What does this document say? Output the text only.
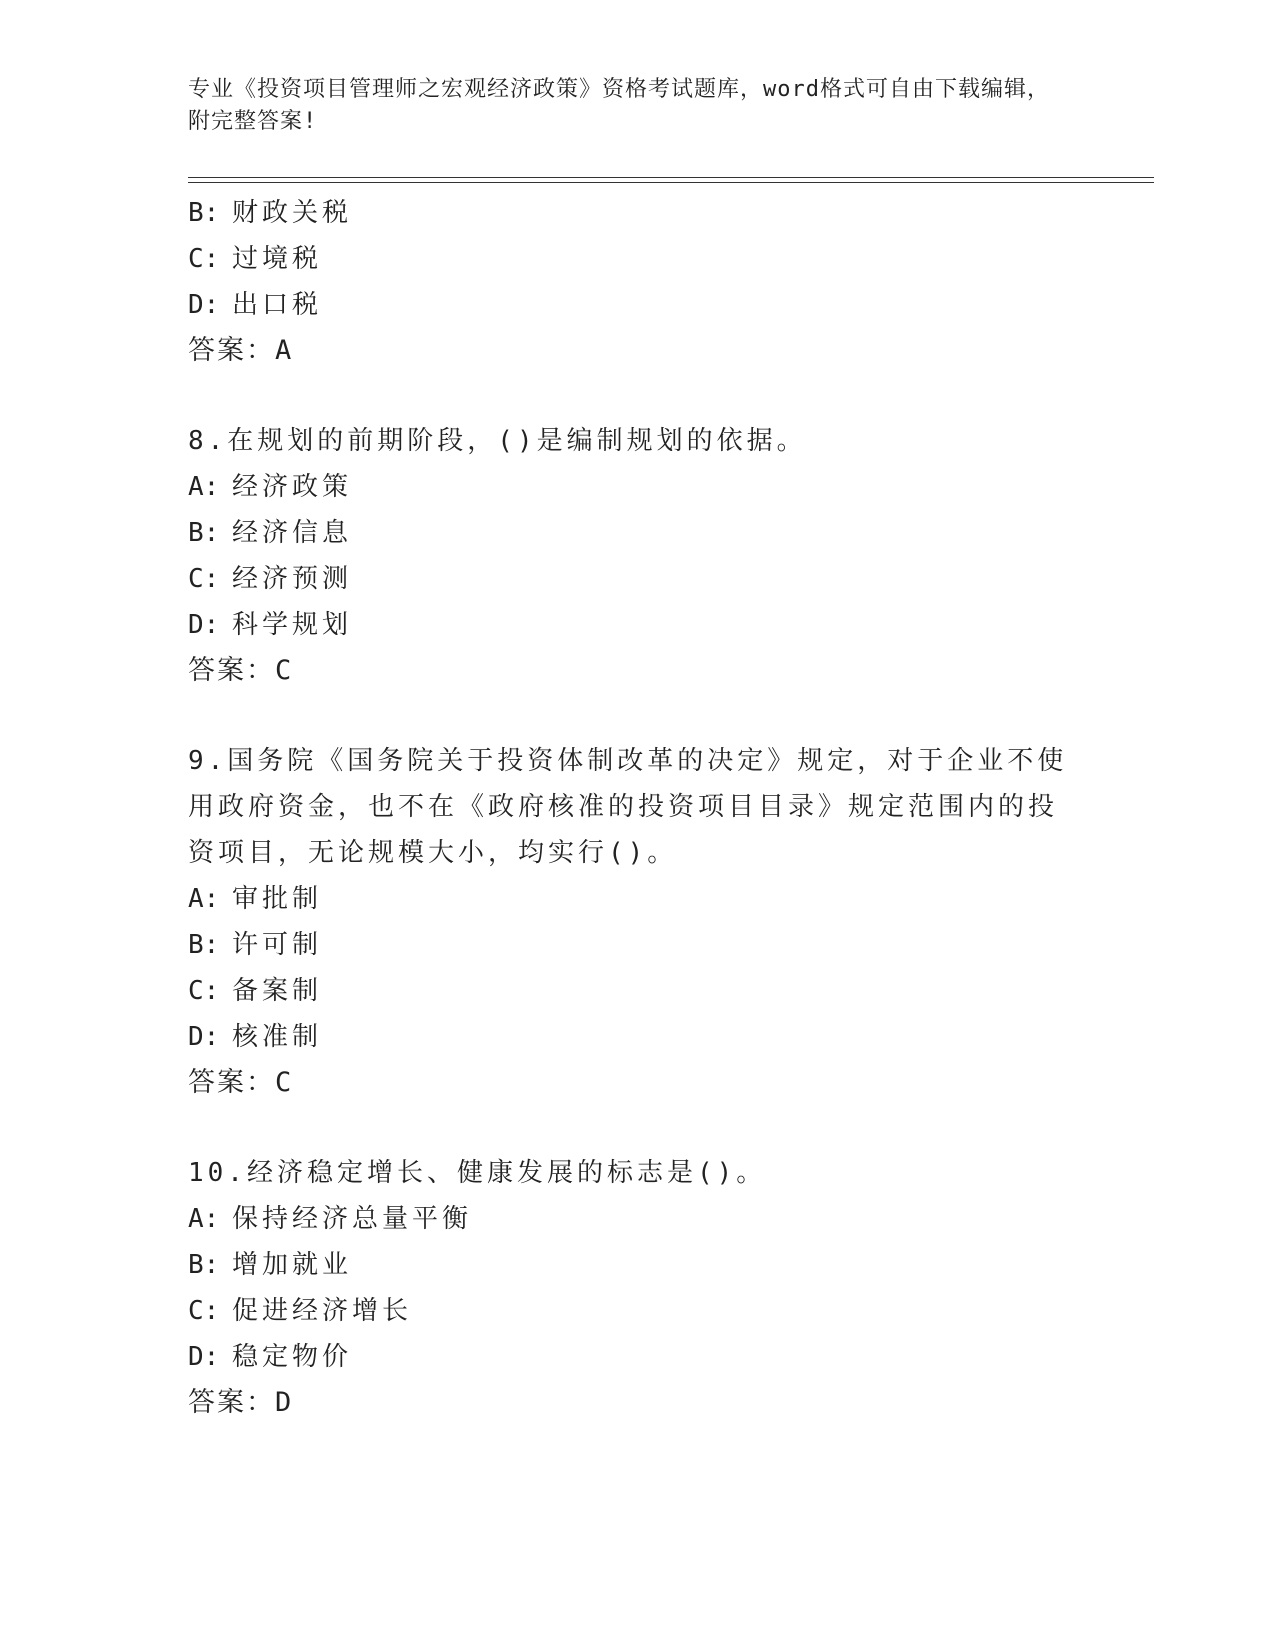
专业《投资项目管理师之宏观经济政策》资格考试题库，word格式可自由下载编辑，附完整答案!
B: 财政关税
C: 过境税
D: 出口税
答案：A
8.在规划的前期阶段，()是编制规划的依据。
A: 经济政策
B: 经济信息
C: 经济预测
D: 科学规划
答案：C
9.国务院《国务院关于投资体制改革的决定》规定，对于企业不使用政府资金，也不在《政府核准的投资项目目录》规定范围内的投资项目，无论规模大小，均实行()。
A: 审批制
B: 许可制
C: 备案制
D: 核准制
答案：C
10.经济稳定增长、健康发展的标志是()。
A: 保持经济总量平衡
B: 增加就业
C: 促进经济增长
D: 稳定物价
答案：D
